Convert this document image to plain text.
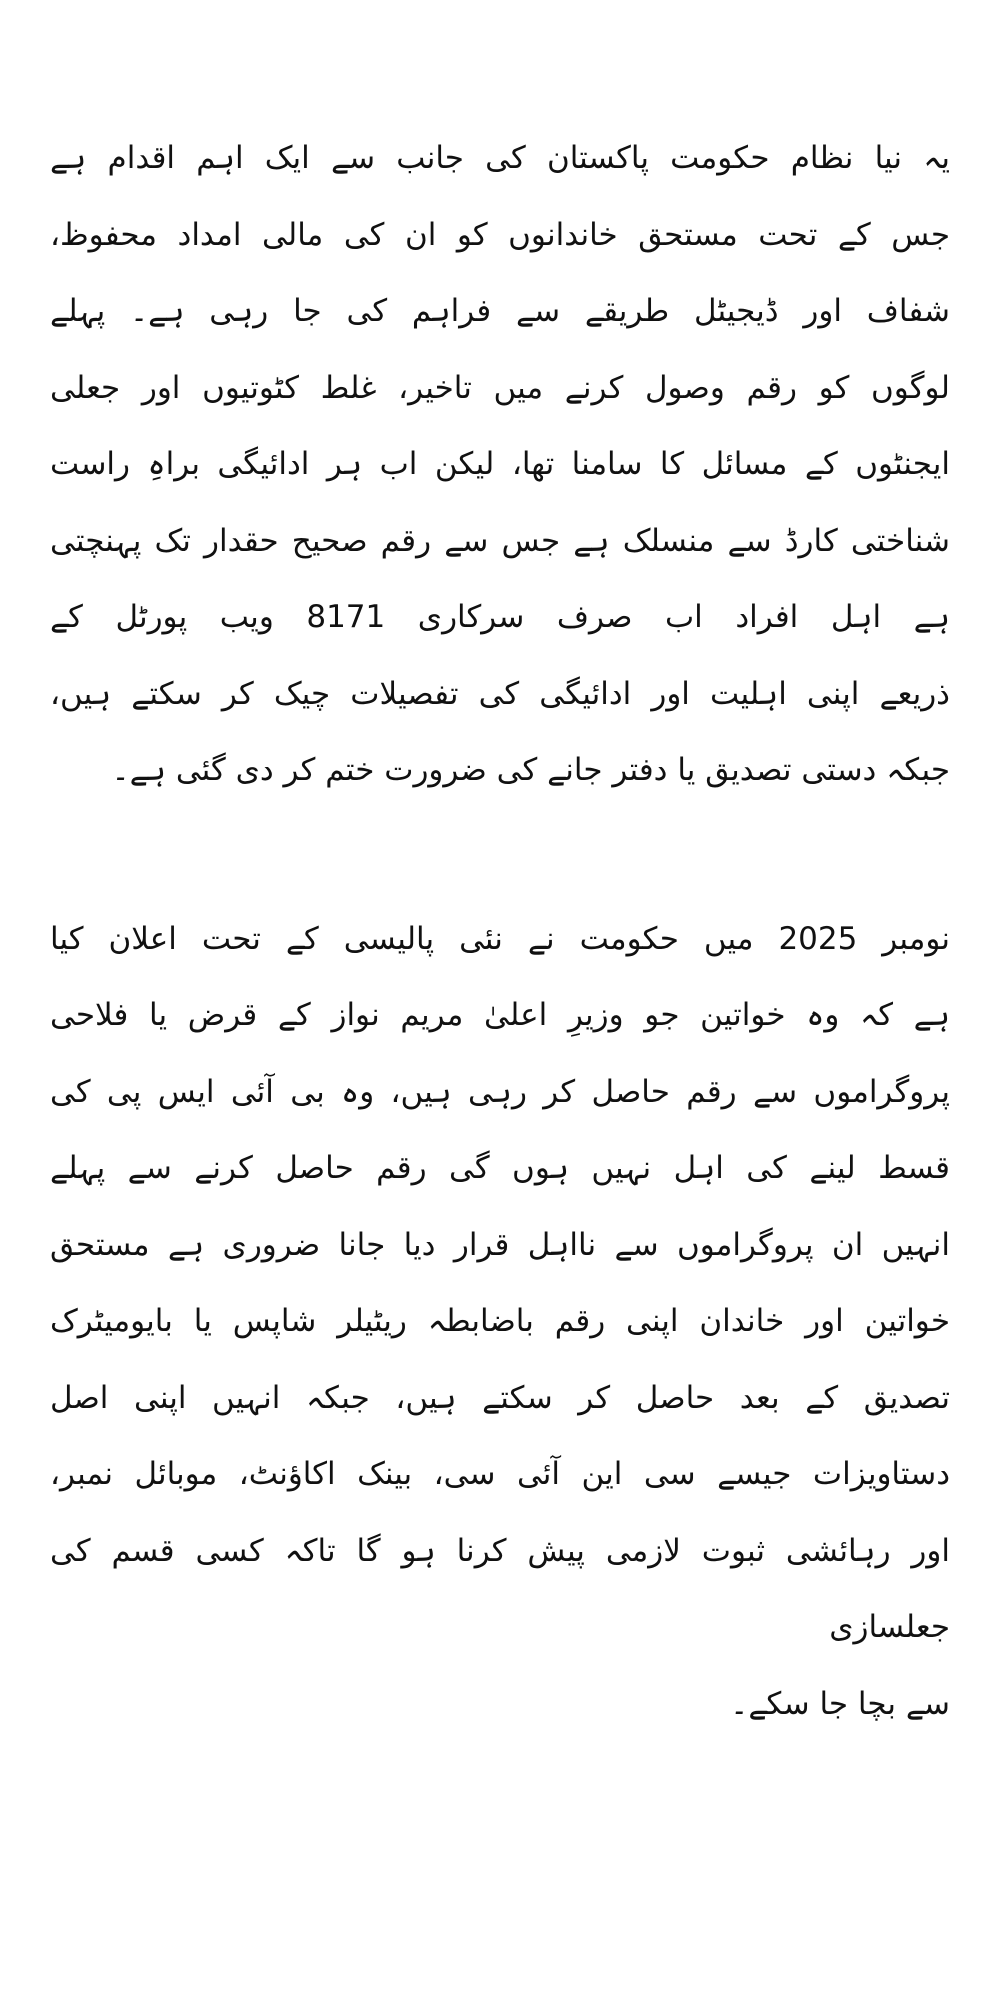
یہ نیا نظام حکومت پاکستان کی جانب سے ایک اہم اقدام ہے
جس کے تحت مستحق خاندانوں کو ان کی مالی امداد محفوظ،
شفاف اور ڈیجیٹل طریقے سے فراہم کی جا رہی ہے۔ پہلے
لوگوں کو رقم وصول کرنے میں تاخیر، غلط کٹوتیوں اور جعلی
ایجنٹوں کے مسائل کا سامنا تھا، لیکن اب ہر ادائیگی براہِ راست
شناختی کارڈ سے منسلک ہے جس سے رقم صحیح حقدار تک پہنچتی
ہے اہل افراد اب صرف سرکاری 8171 ویب پورٹل کے
ذریعے اپنی اہلیت اور ادائیگی کی تفصیلات چیک کر سکتے ہیں،
جبکہ دستی تصدیق یا دفتر جانے کی ضرورت ختم کر دی گئی ہے۔

نومبر 2025 میں حکومت نے نئی پالیسی کے تحت اعلان کیا
ہے کہ وہ خواتین جو وزیرِ اعلیٰ مریم نواز کے قرض یا فلاحی
پروگراموں سے رقم حاصل کر رہی ہیں، وہ بی آئی ایس پی کی
قسط لینے کی اہل نہیں ہوں گی رقم حاصل کرنے سے پہلے
انہیں ان پروگراموں سے نااہل قرار دیا جانا ضروری ہے مستحق
خواتین اور خاندان اپنی رقم باضابطہ ریٹیلر شاپس یا بایومیٹرک
تصدیق کے بعد حاصل کر سکتے ہیں، جبکہ انہیں اپنی اصل
دستاویزات جیسے سی این آئی سی، بینک اکاؤنٹ، موبائل نمبر،
اور رہائشی ثبوت لازمی پیش کرنا ہو گا تاکہ کسی قسم کی جعلسازی
سے بچا جا سکے۔
